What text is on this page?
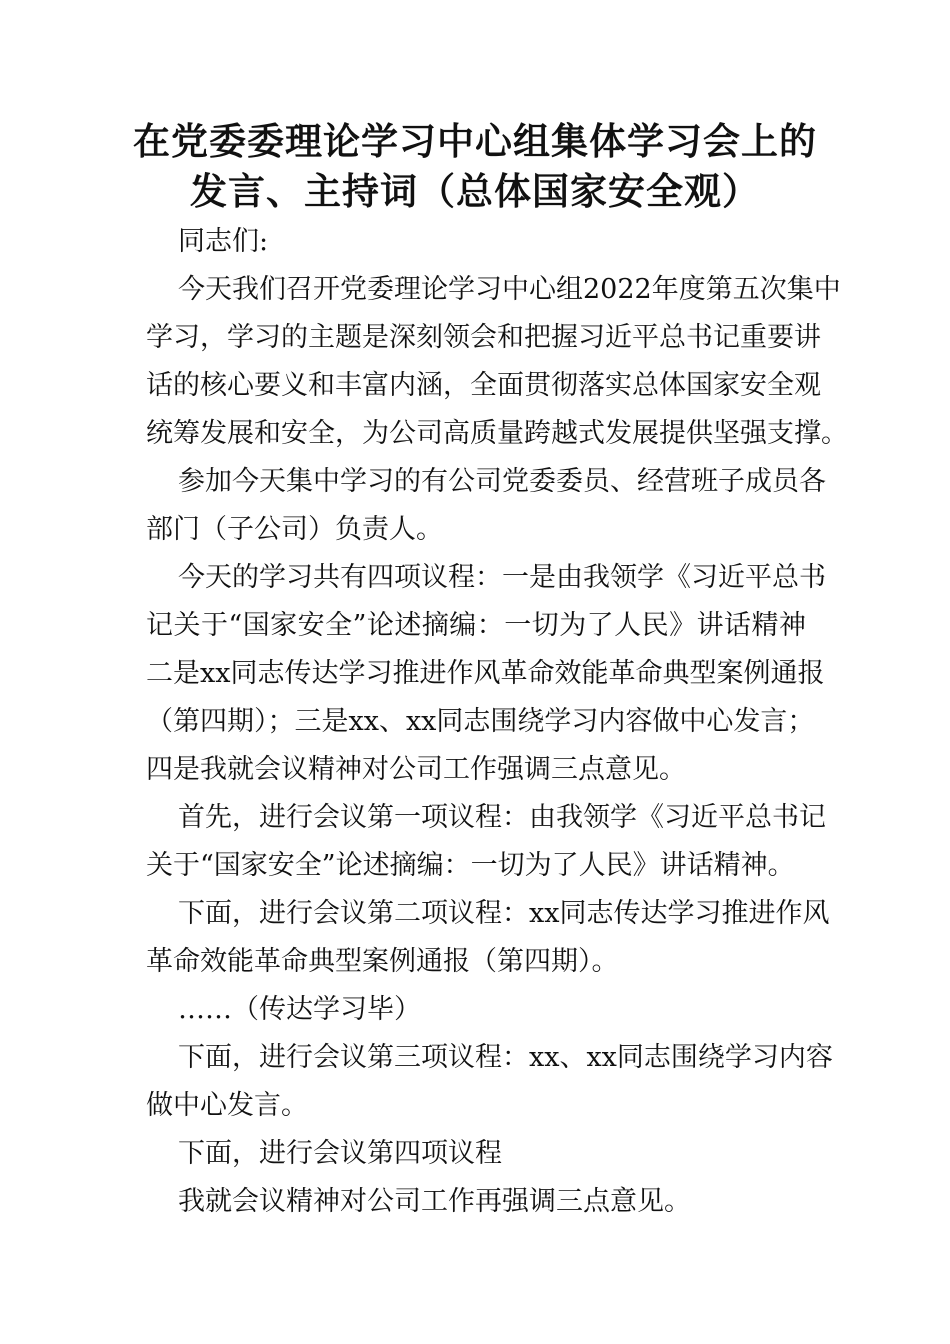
在党委委理论学习中心组集体学习会上的
发言、主持词（总体国家安全观）
同志们:
今天我们召开党委理论学习中心组2022年度第五次集中
学习，学习的主题是深刻领会和把握习近平总书记重要讲
话的核心要义和丰富内涵，全面贯彻落实总体国家安全观
统筹发展和安全，为公司高质量跨越式发展提供坚强支撑。
参加今天集中学习的有公司党委委员、经营班子成员各
部门（子公司）负责人。
今天的学习共有四项议程：一是由我领学《习近平总书
记关于“国家安全”论述摘编：一切为了人民》讲话精神
二是xx同志传达学习推进作风革命效能革命典型案例通报
（第四期）；三是xx、xx同志围绕学习内容做中心发言；
四是我就会议精神对公司工作强调三点意见。
首先，进行会议第一项议程：由我领学《习近平总书记
关于“国家安全”论述摘编：一切为了人民》讲话精神。
下面，进行会议第二项议程：xx同志传达学习推进作风
革命效能革命典型案例通报（第四期）。
……（传达学习毕）
下面，进行会议第三项议程：xx、xx同志围绕学习内容
做中心发言。
下面，进行会议第四项议程
我就会议精神对公司工作再强调三点意见。
